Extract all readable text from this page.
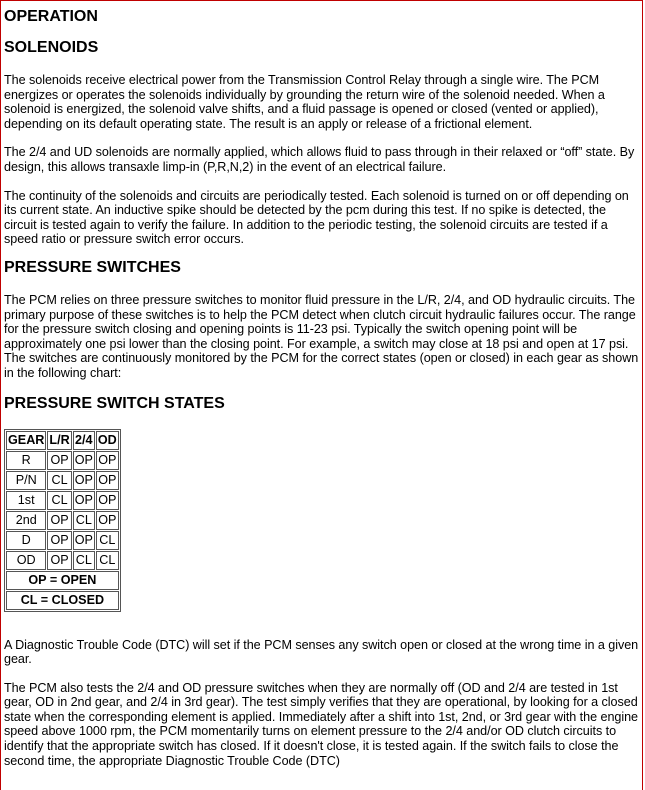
OPERATION
SOLENOIDS

The solenoids receive electrical power from the Transmission Control Relay through a single wire. The PCM energizes or operates the solenoids individually by grounding the return wire of the solenoid needed. When a solenoid is energized, the solenoid valve shifts, and a fluid passage is opened or closed (vented or applied), depending on its default operating state. The result is an apply or release of a frictional element.

The 2/4 and UD solenoids are normally applied, which allows fluid to pass through in their relaxed or “off” state. By design, this allows transaxle limp-in (P,R,N,2) in the event of an electrical failure.

The continuity of the solenoids and circuits are periodically tested. Each solenoid is turned on or off depending on its current state. An inductive spike should be detected by the pcm during this test. If no spike is detected, the circuit is tested again to verify the failure. In addition to the periodic testing, the solenoid circuits are tested if a speed ratio or pressure switch error occurs.

PRESSURE SWITCHES

The PCM relies on three pressure switches to monitor fluid pressure in the L/R, 2/4, and OD hydraulic circuits. The primary purpose of these switches is to help the PCM detect when clutch circuit hydraulic failures occur. The range for the pressure switch closing and opening points is 11-23 psi. Typically the switch opening point will be approximately one psi lower than the closing point. For example, a switch may close at 18 psi and open at 17 psi. The switches are continuously monitored by the PCM for the correct states (open or closed) in each gear as shown in the following chart:

PRESSURE SWITCH STATES
GEAR	L/R	2/4	OD
R	OP	OP	OP
P/N	CL	OP	OP
1st	CL	OP	OP
2nd	OP	CL	OP
D	OP	OP	CL
OD	OP	CL	CL
OP = OPEN			
CL = CLOSED			

A Diagnostic Trouble Code (DTC) will set if the PCM senses any switch open or closed at the wrong time in a given gear.

The PCM also tests the 2/4 and OD pressure switches when they are normally off (OD and 2/4 are tested in 1st gear, OD in 2nd gear, and 2/4 in 3rd gear). The test simply verifies that they are operational, by looking for a closed state when the corresponding element is applied. Immediately after a shift into 1st, 2nd, or 3rd gear with the engine speed above 1000 rpm, the PCM momentarily turns on element pressure to the 2/4 and/or OD clutch circuits to identify that the appropriate switch has closed. If it doesn't close, it is tested again. If the switch fails to close the second time, the appropriate Diagnostic Trouble Code (DTC)
